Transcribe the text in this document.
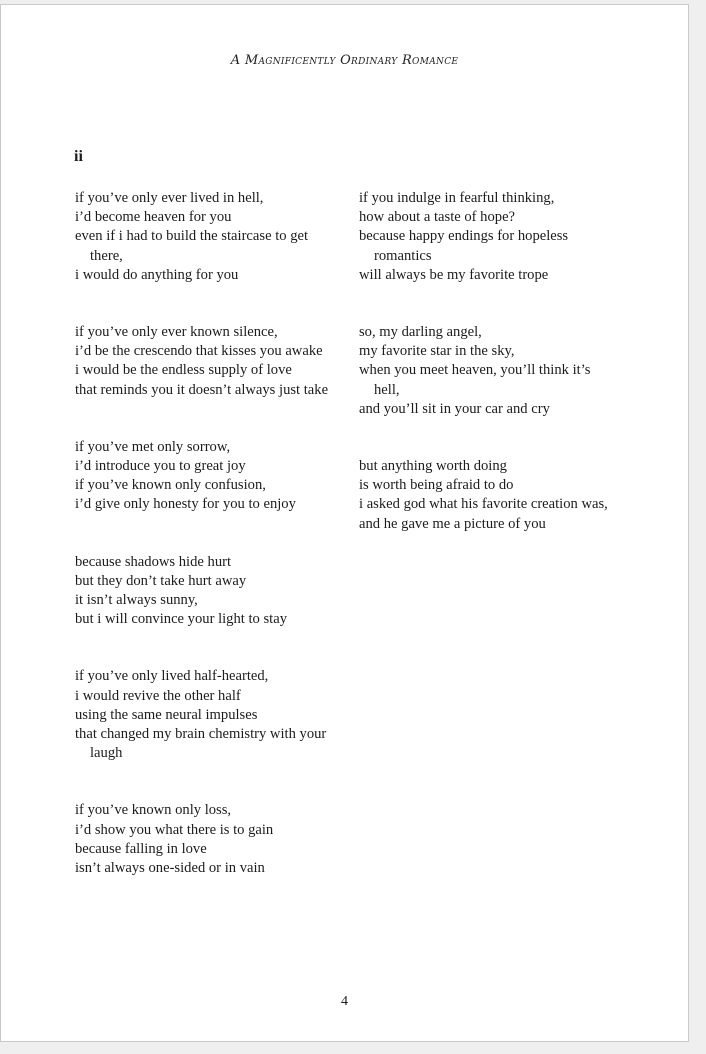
A Magnificently Ordinary Romance
ii
if you’ve only ever lived in hell,
i’d become heaven for you
even if i had to build the staircase to get there,
i would do anything for you
if you’ve only ever known silence,
i’d be the crescendo that kisses you awake
i would be the endless supply of love
that reminds you it doesn’t always just take
if you’ve met only sorrow,
i’d introduce you to great joy
if you’ve known only confusion,
i’d give only honesty for you to enjoy
because shadows hide hurt
but they don’t take hurt away
it isn’t always sunny,
but i will convince your light to stay
if you’ve only lived half-hearted,
i would revive the other half
using the same neural impulses
that changed my brain chemistry with your laugh
if you’ve known only loss,
i’d show you what there is to gain
because falling in love
isn’t always one-sided or in vain
if you indulge in fearful thinking,
how about a taste of hope?
because happy endings for hopeless romantics
will always be my favorite trope
so, my darling angel,
my favorite star in the sky,
when you meet heaven, you’ll think it’s hell,
and you’ll sit in your car and cry
but anything worth doing
is worth being afraid to do
i asked god what his favorite creation was,
and he gave me a picture of you
4
